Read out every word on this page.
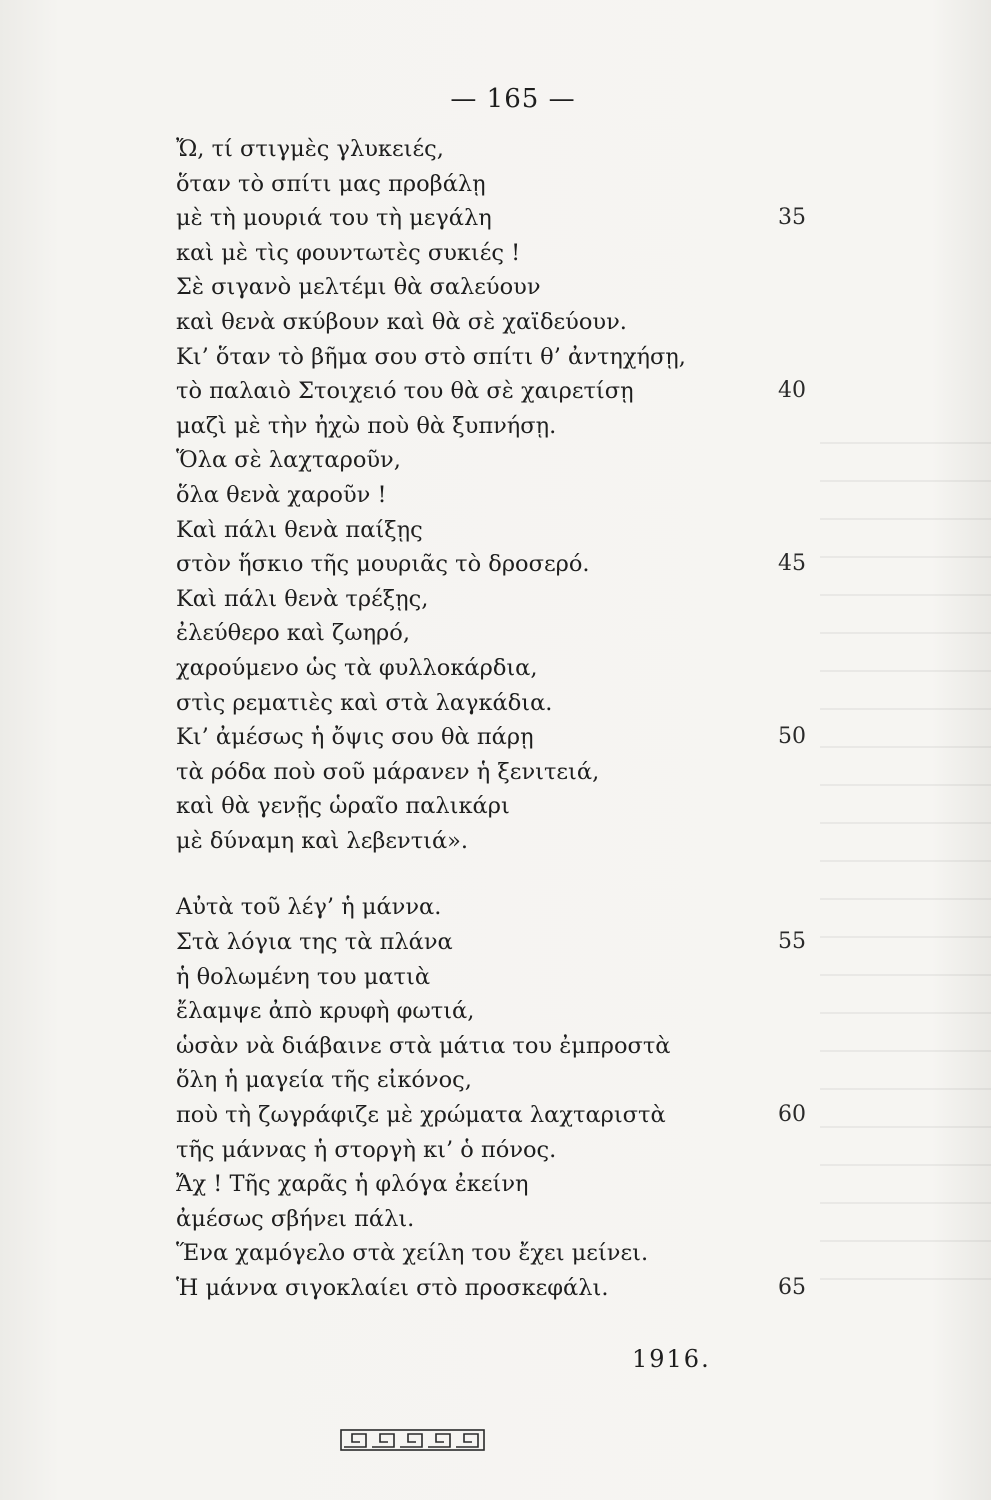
— 165 —
Ὤ, τί στιγμὲς γλυκειές,
ὅταν τὸ σπίτι μας προβάλῃ
μὲ τὴ μουριά του τὴ μεγάλη	35
καὶ μὲ τὶς φουντωτὲς συκιές !
Σὲ σιγανὸ μελτέμι θὰ σαλεύουν
καὶ θενὰ σκύβουν καὶ θὰ σὲ χαϊδεύουν.
Κι’ ὅταν τὸ βῆμα σου στὸ σπίτι θ’ ἀντηχήσῃ,
τὸ παλαιὸ Στοιχειό του θὰ σὲ χαιρετίσῃ	40
μαζὶ μὲ τὴν ἠχὼ ποὺ θὰ ξυπνήσῃ.
Ὅλα σὲ λαχταροῦν,
ὅλα θενὰ χαροῦν !
Καὶ πάλι θενὰ παίξῃς
στὸν ἥσκιο τῆς μουριᾶς τὸ δροσερό.	45
Καὶ πάλι θενὰ τρέξῃς,
ἐλεύθερο καὶ ζωηρό,
χαρούμενο ὡς τὰ φυλλοκάρδια,
στὶς ρεματιὲς καὶ στὰ λαγκάδια.
Κι’ ἀμέσως ἡ ὄψις σου θὰ πάρῃ	50
τὰ ρόδα ποὺ σοῦ μάρανεν ἡ ξενιτειά,
καὶ θὰ γενῇς ὡραῖο παλικάρι
μὲ δύναμη καὶ λεβεντιά».
Αὐτὰ τοῦ λέγ’ ἡ μάννα.
Στὰ λόγια της τὰ πλάνα	55
ἡ θολωμένη του ματιὰ
ἔλαμψε ἀπὸ κρυφὴ φωτιά,
ὡσὰν νὰ διάβαινε στὰ μάτια του ἐμπροστὰ
ὅλη ἡ μαγεία τῆς εἰκόνος,
ποὺ τὴ ζωγράφιζε μὲ χρώματα λαχταριστὰ	60
τῆς μάννας ἡ στοργὴ κι’ ὁ πόνος.
Ἄχ ! Τῆς χαρᾶς ἡ φλόγα ἐκείνη
ἀμέσως σβήνει πάλι.
Ἕνα χαμόγελο στὰ χείλη του ἔχει μείνει.
Ἡ μάννα σιγοκλαίει στὸ προσκεφάλι.	65
1916.
